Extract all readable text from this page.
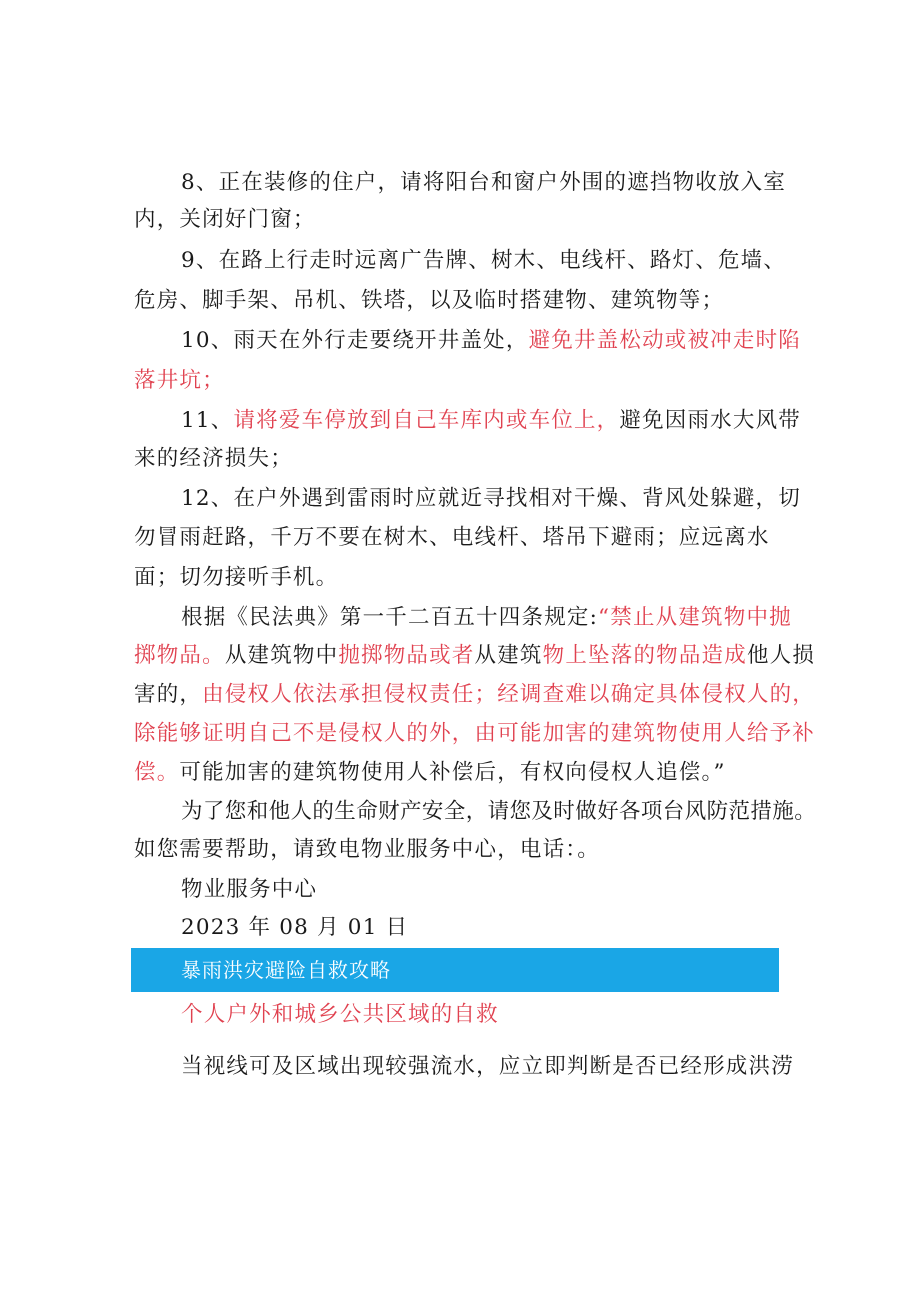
8、正在装修的住户，请将阳台和窗户外围的遮挡物收放入室
内，关闭好门窗；
9、在路上行走时远离广告牌、树木、电线杆、路灯、危墙、
危房、脚手架、吊机、铁塔，以及临时搭建物、建筑物等；
10、雨天在外行走要绕开井盖处，避免井盖松动或被冲走时陷
落井坑；
11、请将爱车停放到自己车库内或车位上，避免因雨水大风带
来的经济损失；
12、在户外遇到雷雨时应就近寻找相对干燥、背风处躲避，切
勿冒雨赶路，千万不要在树木、电线杆、塔吊下避雨；应远离水
面；切勿接听手机。
根据《民法典》第一千二百五十四条规定:“禁止从建筑物中抛
掷物品。从建筑物中抛掷物品或者从建筑物上坠落的物品造成他人损
害的，由侵权人依法承担侵权责任；经调查难以确定具体侵权人的，
除能够证明自己不是侵权人的外，由可能加害的建筑物使用人给予补
偿。可能加害的建筑物使用人补偿后，有权向侵权人追偿。”
为了您和他人的生命财产安全，请您及时做好各项台风防范措施。
如您需要帮助，请致电物业服务中心，电话：。
物业服务中心
2023 年 08 月 01 日
暴雨洪灾避险自救攻略
个人户外和城乡公共区域的自救
当视线可及区域出现较强流水，应立即判断是否已经形成洪涝
